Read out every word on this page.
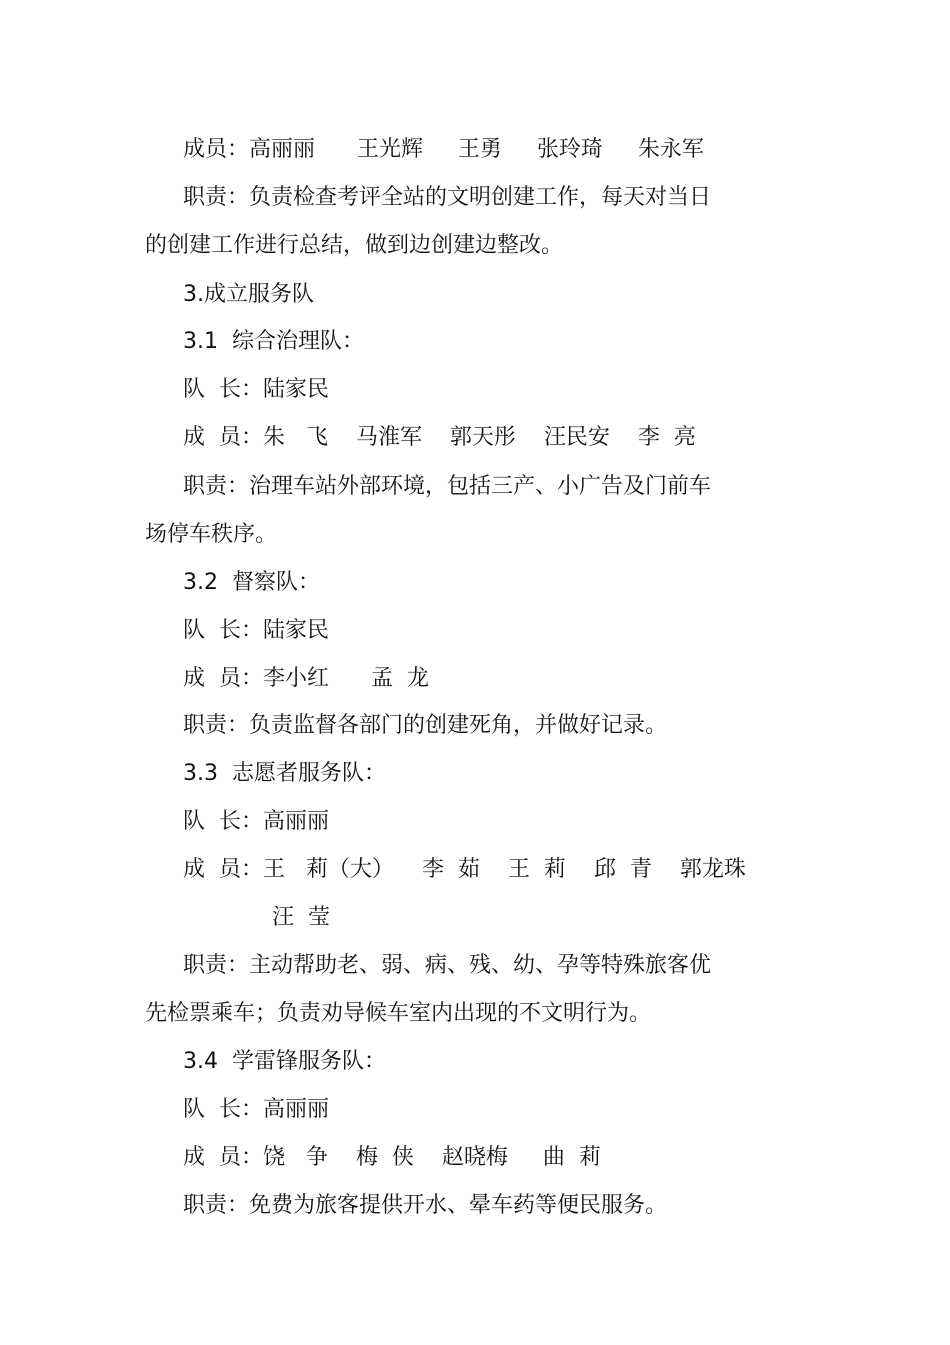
成员：高丽丽      王光辉     王勇     张玲琦     朱永军
职责：负责检查考评全站的文明创建工作，每天对当日
的创建工作进行总结，做到边创建边整改。
3.成立服务队
3.1  综合治理队：
队  长：陆家民
成  员：朱   飞    马淮军    郭天彤    汪民安    李  亮
职责：治理车站外部环境，包括三产、小广告及门前车
场停车秩序。
3.2  督察队：
队  长：陆家民
成  员：李小红      孟  龙
职责：负责监督各部门的创建死角，并做好记录。
3.3  志愿者服务队：
队  长：高丽丽
成  员：王   莉（大）    李  茹    王  莉    邱  青    郭龙珠
汪  莹
职责：主动帮助老、弱、病、残、幼、孕等特殊旅客优
先检票乘车；负责劝导候车室内出现的不文明行为。
3.4  学雷锋服务队：
队  长：高丽丽
成  员：饶   争    梅  侠    赵晓梅     曲  莉
职责：免费为旅客提供开水、晕车药等便民服务。
